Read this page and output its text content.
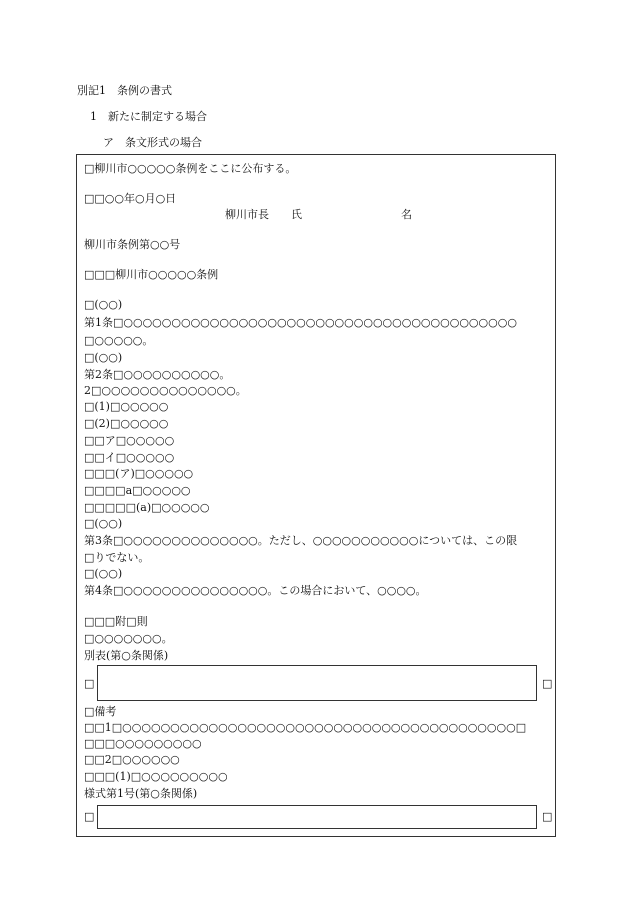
別記1　条例の書式
1　新たに制定する場合
ア　条文形式の場合
□柳川市○○○○○条例をここに公布する。
□□○○年○月○日
柳川市長　　氏	名
柳川市条例第○○号
□□□柳川市○○○○○条例
□(○○)
第1条□○○○○○○○○○○○○○○○○○○○○○○○○○○○○○○○○○○○○○○○○○
□○○○○○。
□(○○)
第2条□○○○○○○○○○○。
2□○○○○○○○○○○○○○○。
□(1)□○○○○○
□(2)□○○○○○
□□ア□○○○○○
□□イ□○○○○○
□□□(ア)□○○○○○
□□□□a□○○○○○
□□□□□(a)□○○○○○
□(○○)
第3条□○○○○○○○○○○○○○○。ただし、○○○○○○○○○○○については、この限
□りでない。
□(○○)
第4条□○○○○○○○○○○○○○○○。この場合において、○○○○。
□□□附□則
□○○○○○○○。
別表(第○条関係)
□	□
□備考
□□1□○○○○○○○○○○○○○○○○○○○○○○○○○○○○○○○○○○○○○○○○○□
□□□○○○○○○○○○
□□2□○○○○○○
□□□(1)□○○○○○○○○○
様式第1号(第○条関係)
□	□
